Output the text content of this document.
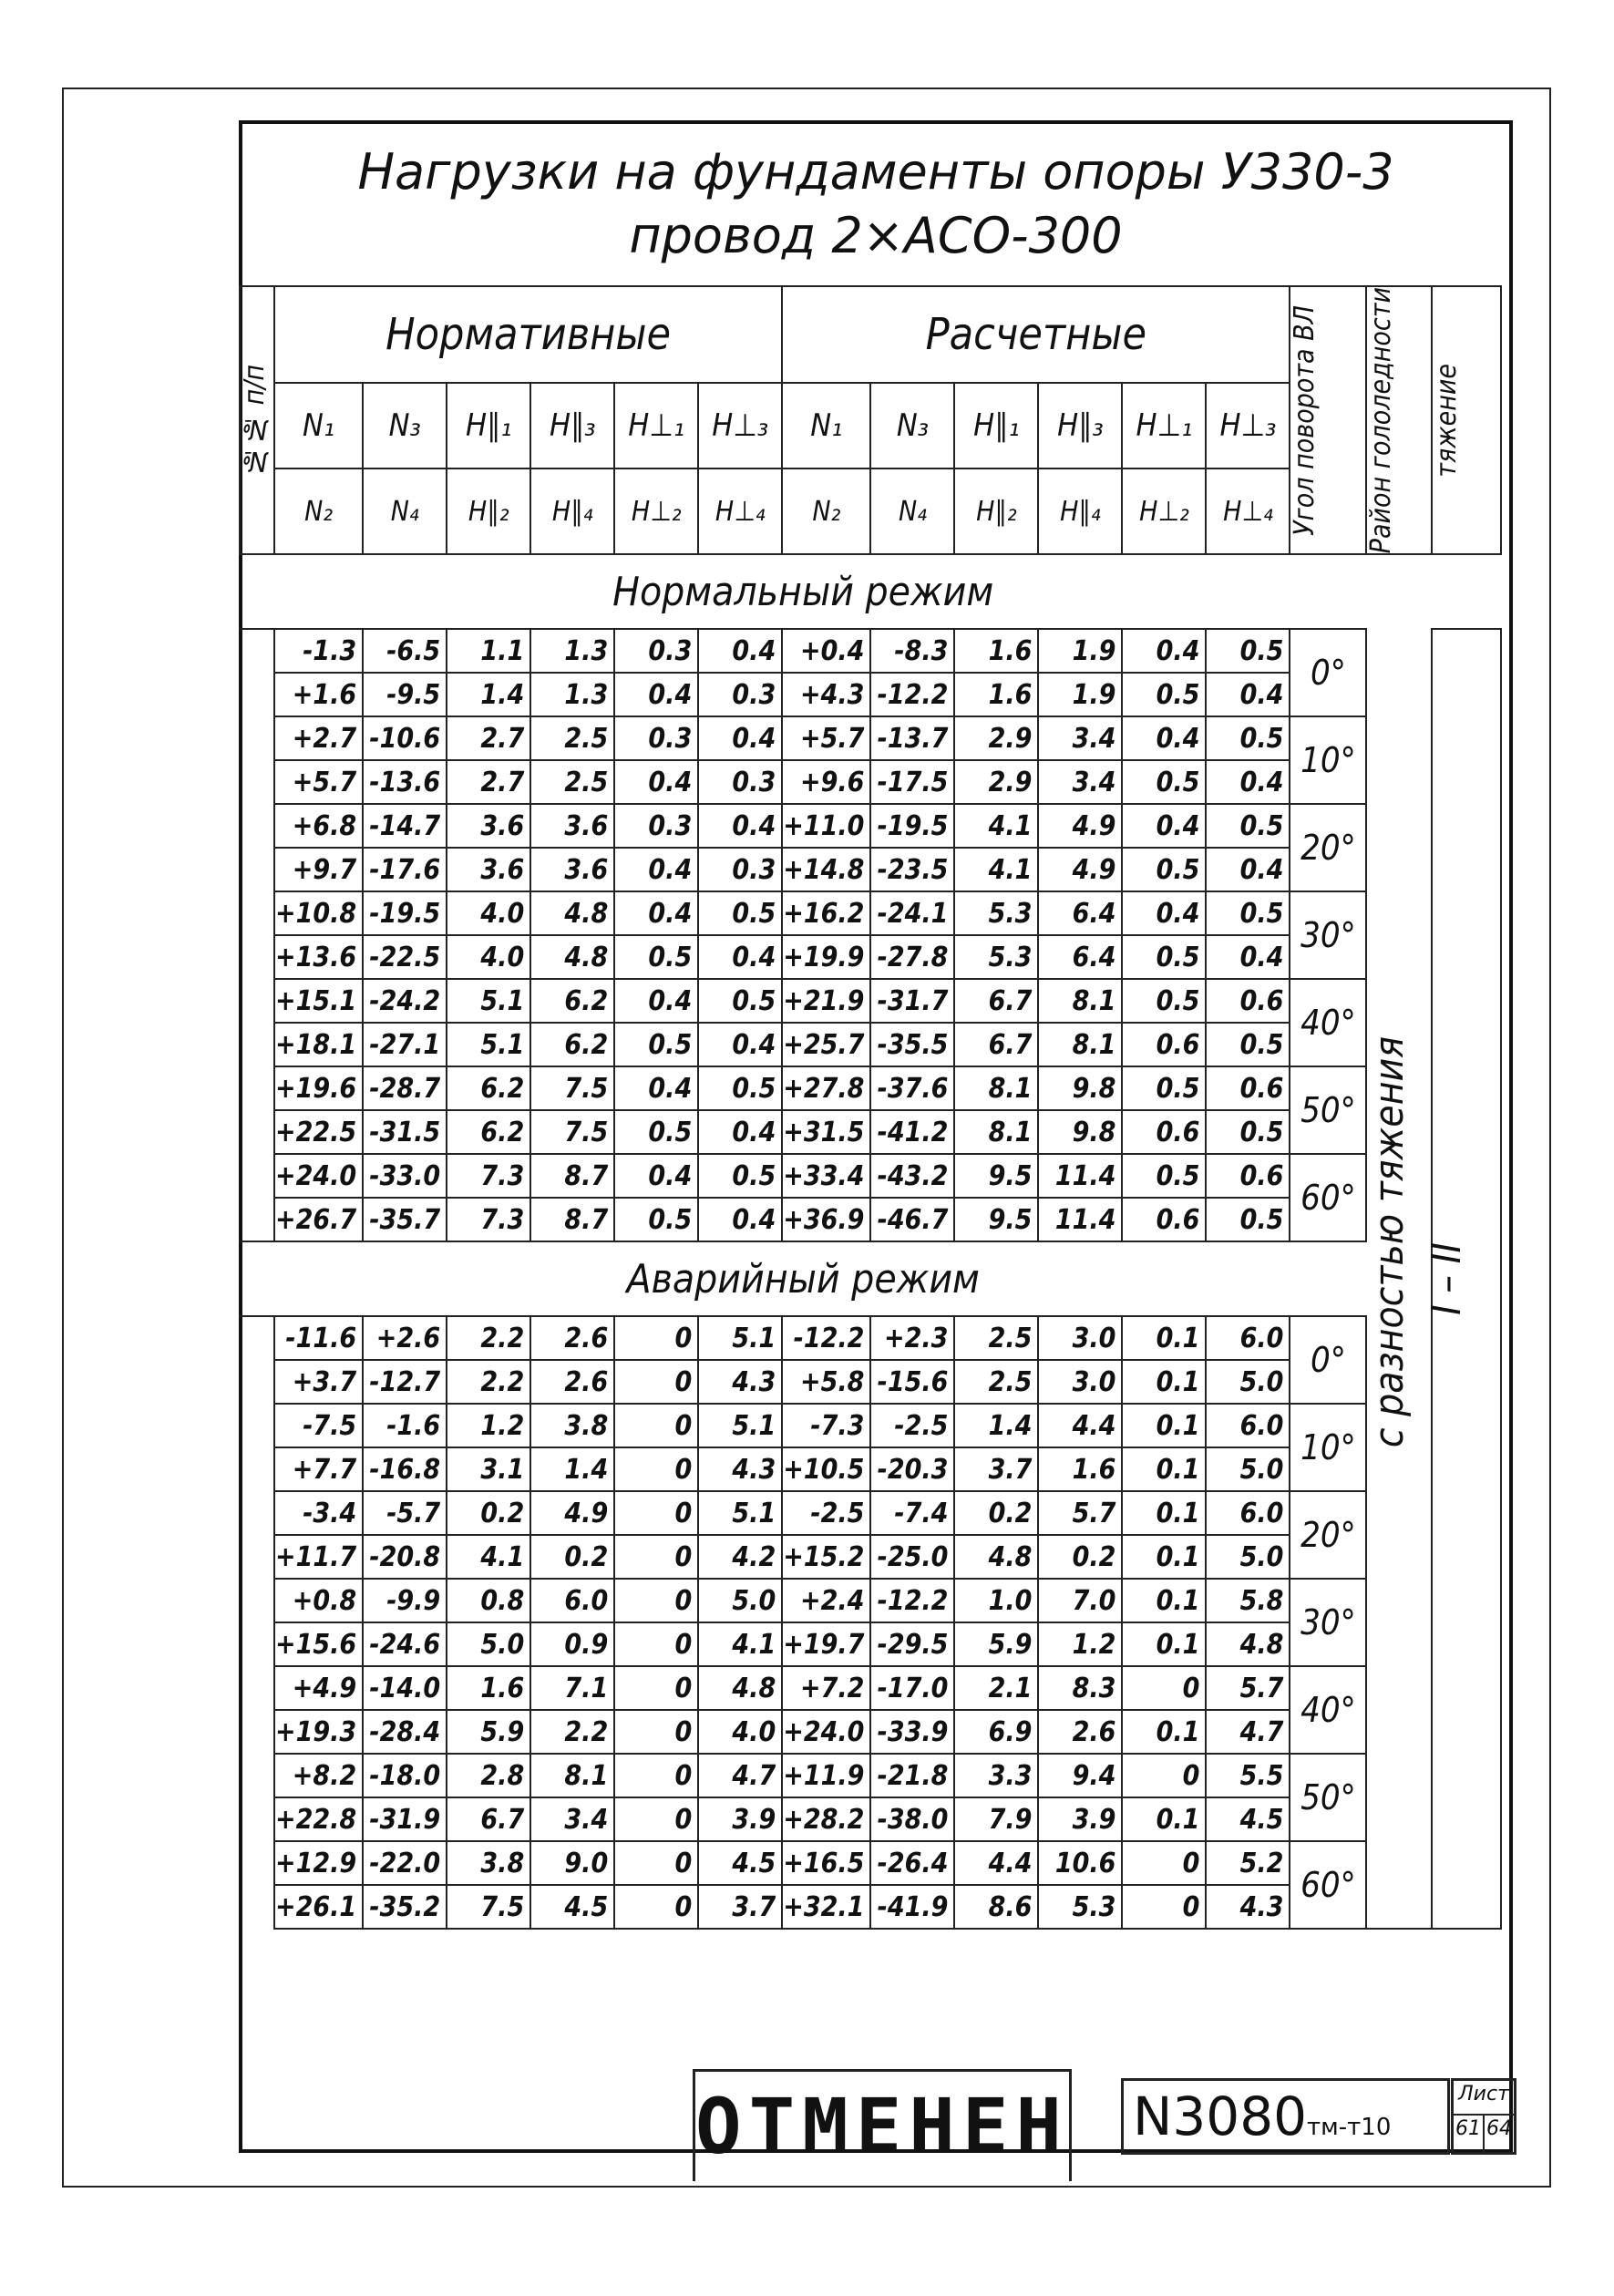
Нагрузки на фундаменты опоры У330-3
провод 2×АСО-300
№№ п/п	Нормативные						Расчетные						Угол поворота ВЛ	Район гололедности	тяжение

	N₁	N₃	H∥₁	H∥₃	H⊥₁	H⊥₃	N₁	N₃	H∥₁	H∥₃	H⊥₁	H⊥₃			
	N₂	N₄	H∥₂	H∥₄	H⊥₂	H⊥₄	N₂	N₄	H∥₂	H∥₄	H⊥₂	H⊥₄			
Нормальный режим														с разностью тяжения	

	-1.3	-6.5	1.1	1.3	0.3	0.4	+0.4	-8.3	1.6	1.9	0.4	0.5	0°		I – II

	+1.6	-9.5	1.4	1.3	0.4	0.3	+4.3	-12.2	1.6	1.9	0.5	0.4			
	+2.7	-10.6	2.7	2.5	0.3	0.4	+5.7	-13.7	2.9	3.4	0.4	0.5	10°		
	+5.7	-13.6	2.7	2.5	0.4	0.3	+9.6	-17.5	2.9	3.4	0.5	0.4			
	+6.8	-14.7	3.6	3.6	0.3	0.4	+11.0	-19.5	4.1	4.9	0.4	0.5	20°		
	+9.7	-17.6	3.6	3.6	0.4	0.3	+14.8	-23.5	4.1	4.9	0.5	0.4			
	+10.8	-19.5	4.0	4.8	0.4	0.5	+16.2	-24.1	5.3	6.4	0.4	0.5	30°		
	+13.6	-22.5	4.0	4.8	0.5	0.4	+19.9	-27.8	5.3	6.4	0.5	0.4			
	+15.1	-24.2	5.1	6.2	0.4	0.5	+21.9	-31.7	6.7	8.1	0.5	0.6	40°		
	+18.1	-27.1	5.1	6.2	0.5	0.4	+25.7	-35.5	6.7	8.1	0.6	0.5			
	+19.6	-28.7	6.2	7.5	0.4	0.5	+27.8	-37.6	8.1	9.8	0.5	0.6	50°		
	+22.5	-31.5	6.2	7.5	0.5	0.4	+31.5	-41.2	8.1	9.8	0.6	0.5			
	+24.0	-33.0	7.3	8.7	0.4	0.5	+33.4	-43.2	9.5	11.4	0.5	0.6	60°		
	+26.7	-35.7	7.3	8.7	0.5	0.4	+36.9	-46.7	9.5	11.4	0.6	0.5			
Аварийный режим															
	-11.6	+2.6	2.2	2.6	0	5.1	-12.2	+2.3	2.5	3.0	0.1	6.0	0°		
	+3.7	-12.7	2.2	2.6	0	4.3	+5.8	-15.6	2.5	3.0	0.1	5.0			
	-7.5	-1.6	1.2	3.8	0	5.1	-7.3	-2.5	1.4	4.4	0.1	6.0	10°		
	+7.7	-16.8	3.1	1.4	0	4.3	+10.5	-20.3	3.7	1.6	0.1	5.0			
	-3.4	-5.7	0.2	4.9	0	5.1	-2.5	-7.4	0.2	5.7	0.1	6.0	20°		
	+11.7	-20.8	4.1	0.2	0	4.2	+15.2	-25.0	4.8	0.2	0.1	5.0			
	+0.8	-9.9	0.8	6.0	0	5.0	+2.4	-12.2	1.0	7.0	0.1	5.8	30°		
	+15.6	-24.6	5.0	0.9	0	4.1	+19.7	-29.5	5.9	1.2	0.1	4.8			
	+4.9	-14.0	1.6	7.1	0	4.8	+7.2	-17.0	2.1	8.3	0	5.7	40°		
	+19.3	-28.4	5.9	2.2	0	4.0	+24.0	-33.9	6.9	2.6	0.1	4.7			
	+8.2	-18.0	2.8	8.1	0	4.7	+11.9	-21.8	3.3	9.4	0	5.5	50°		
	+22.8	-31.9	6.7	3.4	0	3.9	+28.2	-38.0	7.9	3.9	0.1	4.5			
	+12.9	-22.0	3.8	9.0	0	4.5	+16.5	-26.4	4.4	10.6	0	5.2	60°		
	+26.1	-35.2	7.5	4.5	0	3.7	+32.1	-41.9	8.6	5.3	0	4.3			
ОТМЕНЕН N3080тм-т10
Лист
61 64
